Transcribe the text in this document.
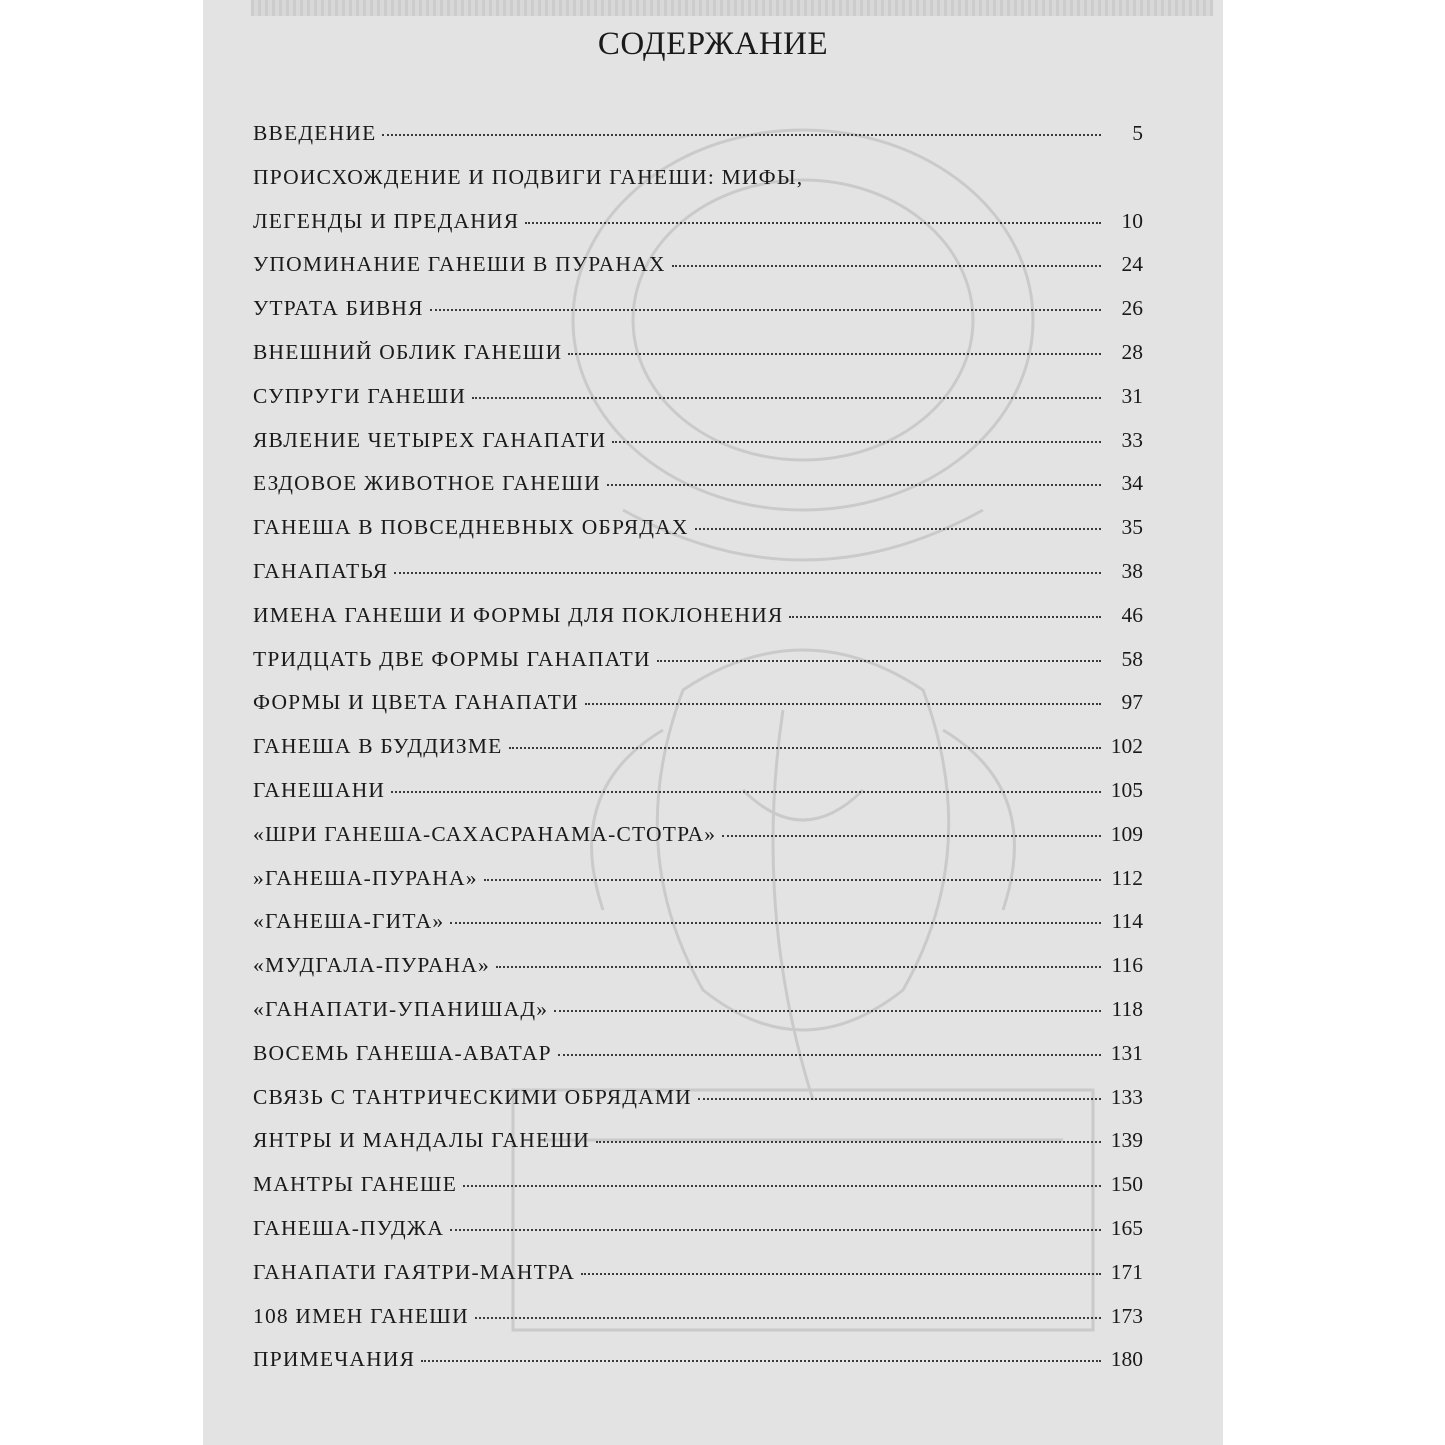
СОДЕРЖАНИЕ
ВВЕДЕНИЕ	5
ПРОИСХОЖДЕНИЕ И ПОДВИГИ ГАНЕШИ: МИФЫ,
ЛЕГЕНДЫ И ПРЕДАНИЯ	10
УПОМИНАНИЕ ГАНЕШИ В ПУРАНАХ	24
УТРАТА БИВНЯ	26
ВНЕШНИЙ ОБЛИК ГАНЕШИ	28
СУПРУГИ ГАНЕШИ	31
ЯВЛЕНИЕ ЧЕТЫРЕХ ГАНАПАТИ	33
ЕЗДОВОЕ ЖИВОТНОЕ ГАНЕШИ	34
ГАНЕША В ПОВСЕДНЕВНЫХ ОБРЯДАХ	35
ГАНАПАТЬЯ	38
ИМЕНА ГАНЕШИ И ФОРМЫ ДЛЯ ПОКЛОНЕНИЯ	46
ТРИДЦАТЬ ДВЕ ФОРМЫ ГАНАПАТИ	58
ФОРМЫ И ЦВЕТА ГАНАПАТИ	97
ГАНЕША В БУДДИЗМЕ	102
ГАНЕШАНИ	105
«ШРИ ГАНЕША-САХАСРАНАМА-СТОТРА»	109
»ГАНЕША-ПУРАНА»	112
«ГАНЕША-ГИТА»	114
«МУДГАЛА-ПУРАНА»	116
«ГАНАПАТИ-УПАНИШАД»	118
ВОСЕМЬ ГАНЕША-АВАТАР	131
СВЯЗЬ С ТАНТРИЧЕСКИМИ ОБРЯДАМИ	133
ЯНТРЫ И МАНДАЛЫ ГАНЕШИ	139
МАНТРЫ ГАНЕШЕ	150
ГАНЕША-ПУДЖА	165
ГАНАПАТИ ГАЯТРИ-МАНТРА	171
108 ИМЕН ГАНЕШИ	173
ПРИМЕЧАНИЯ	180
